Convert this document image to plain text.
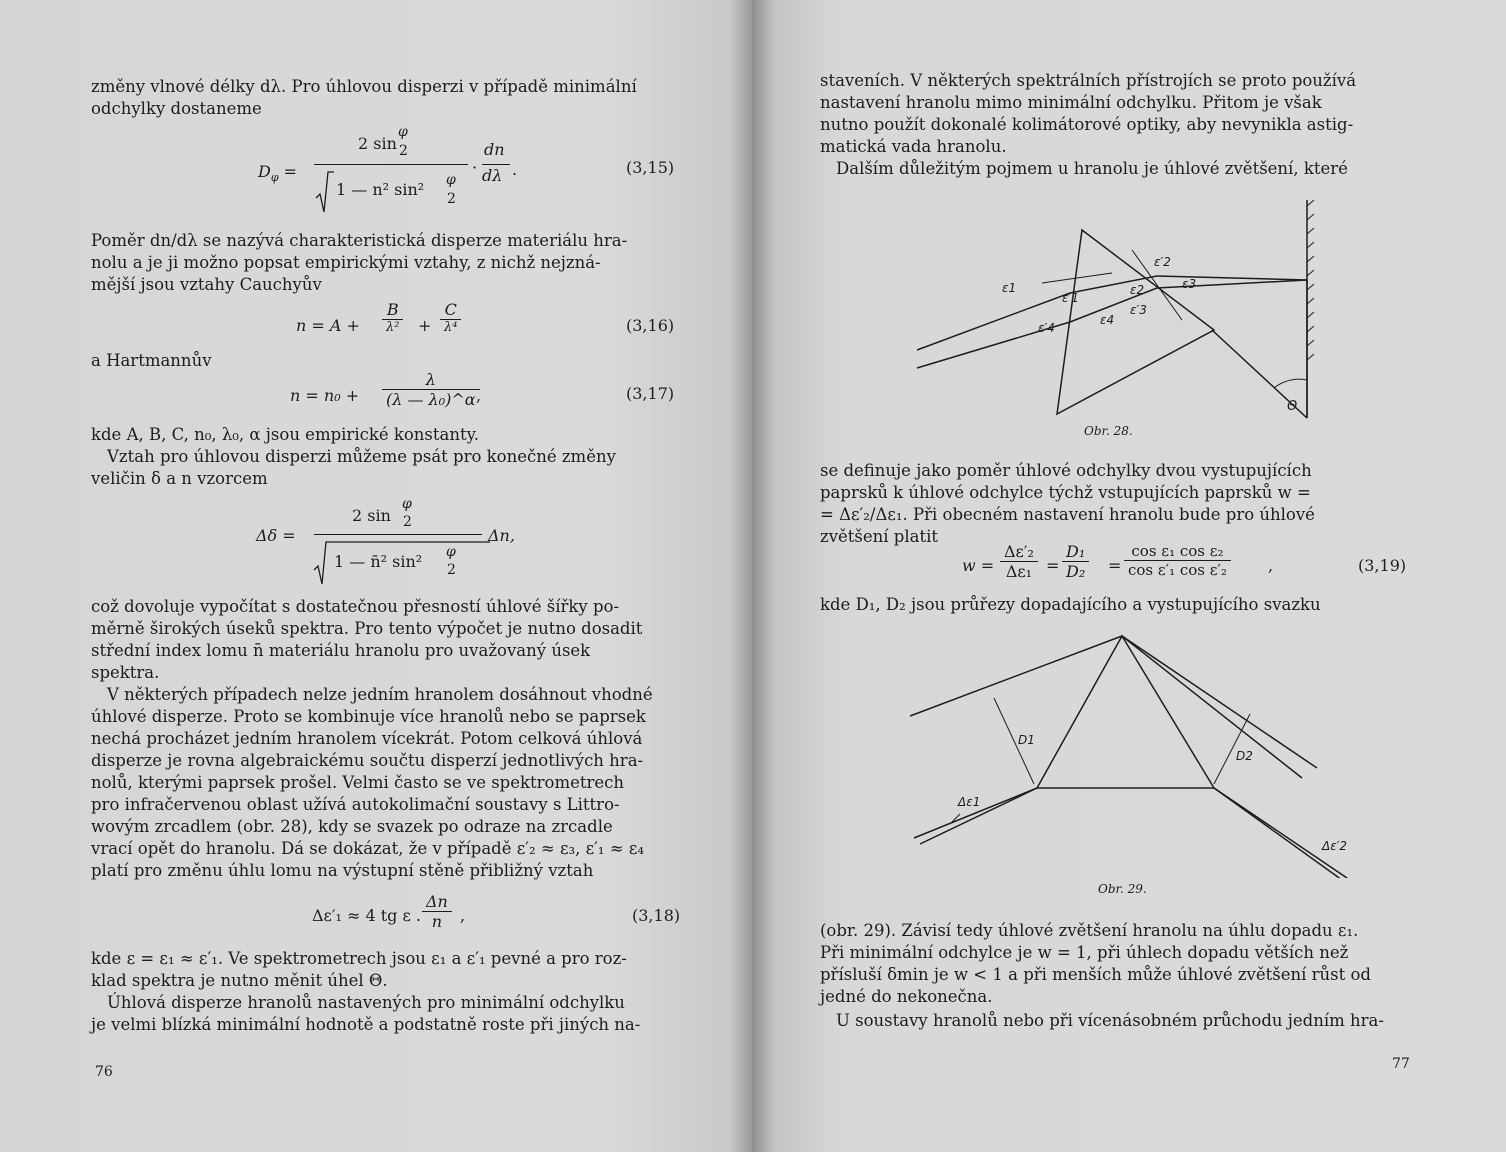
změny vlnové délky dλ. Pro úhlovou disperzi v případě minimální
odchylky dostaneme
$D_\varphi$ =
2 sin
φ
2
1 — n² sin² φ
2
·
dn
dλ .	(3,15)
Poměr dn/dλ se nazývá charakteristická disperze materiálu hra-
nolu a je ji možno popsat empirickými vztahy, z nichž nejzná-
mější jsou vztahy Cauchyův
n = A +
B
λ² +
C
λ⁴	(3,16)
a Hartmannův
$n = n_0 + \frac{\lambda}{\text{(λ — λ₀)\textasciicircum{}α}}$
,	(3,17)
kde A, B, C, n₀, λ₀, α jsou empirické konstanty.
Vztah pro úhlovou disperzi můžeme psát pro konečné změny
veličin δ a n vzorcem
Δδ =
2 sin
φ
2
1 — n̄² sin² φ
2
Δn,
což dovoluje vypočítat s dostatečnou přesností úhlové šířky po-
měrně širokých úseků spektra. Pro tento výpočet je nutno dosadit
střední index lomu n̄ materiálu hranolu pro uvažovaný úsek
spektra.
V některých případech nelze jedním hranolem dosáhnout vhodné
úhlové disperze. Proto se kombinuje více hranolů nebo se paprsek
nechá procházet jedním hranolem vícekrát. Potom celková úhlová
disperze je rovna algebraickému součtu disperzí jednotlivých hra-
nolů, kterými paprsek prošel. Velmi často se ve spektrometrech
pro infračervenou oblast užívá autokolimační soustavy s Littro-
wovým zrcadlem (obr. 28), kdy se svazek po odraze na zrcadle
vrací opět do hranolu. Dá se dokázat, že v případě ε′₂ ≈ ε₃, ε′₁ ≈ ε₄
platí pro změnu úhlu lomu na výstupní stěně přibližný vztah
Δε′₁ ≈ 4 tg ε . $\frac{\Delta n}{n}$ ,	(3,18)
kde ε = ε₁ ≈ ε′₁. Ve spektrometrech jsou ε₁ a ε′₁ pevné a pro roz-
klad spektra je nutno měnit úhel Θ.
Úhlová disperze hranolů nastavených pro minimální odchylku
je velmi blízká minimální hodnotě a podstatně roste při jiných na-
76
staveních. V některých spektrálních přístrojích se proto používá
nastavení hranolu mimo minimální odchylku. Přitom je však
nutno použít dokonalé kolimátorové optiky, aby nevynikla astig-
matická vada hranolu.
Dalším důležitým pojmem u hranolu je úhlové zvětšení, které
ε1
ε′1
ε′2
ε2	ε3
ε′4
ε4
ε′3
Θ
Obr. 28.
se definuje jako poměr úhlové odchylky dvou vystupujících
paprsků k úhlové odchylce týchž vstupujících paprsků w =
= Δε′₂/Δε₁. Při obecném nastavení hranolu bude pro úhlové
zvětšení platit
$w = \frac{\text{Δε′₂}}{\text{Δε₁}} = \frac{\text{D₁}}{\text{D₂}} = \frac{\text{cos ε₁ cos ε₂}}{\text{cos ε′₁ cos ε′₂}}$ ,	(3,19)
kde D₁, D₂ jsou průřezy dopadajícího a vystupujícího svazku
D1
D2
Δε1
Δε′2
Obr. 29.
(obr. 29). Závisí tedy úhlové zvětšení hranolu na úhlu dopadu ε₁.
Při minimální odchylce je w = 1, při úhlech dopadu větších než
přísluší δmin je w < 1 a při menších může úhlové zvětšení růst od
jedné do nekonečna.
U soustavy hranolů nebo při vícenásobném průchodu jedním hra-
77
